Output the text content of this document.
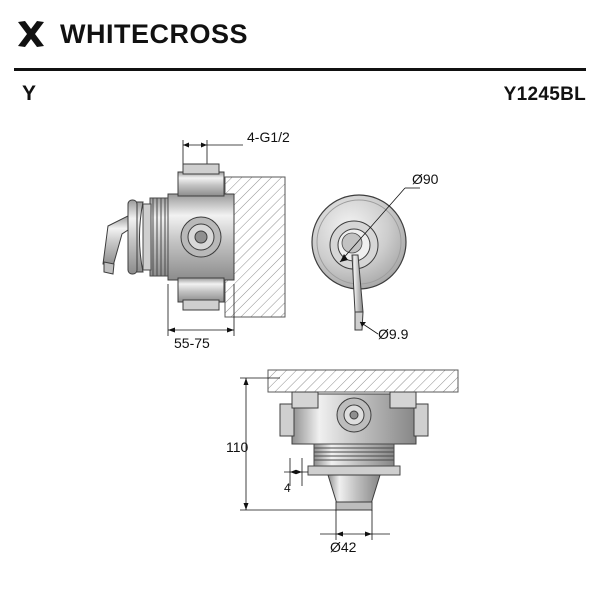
WHITECROSS
Y	Y1245BL
4-G1/2
55-75
Ø90
Ø9.9
110
4
Ø42
